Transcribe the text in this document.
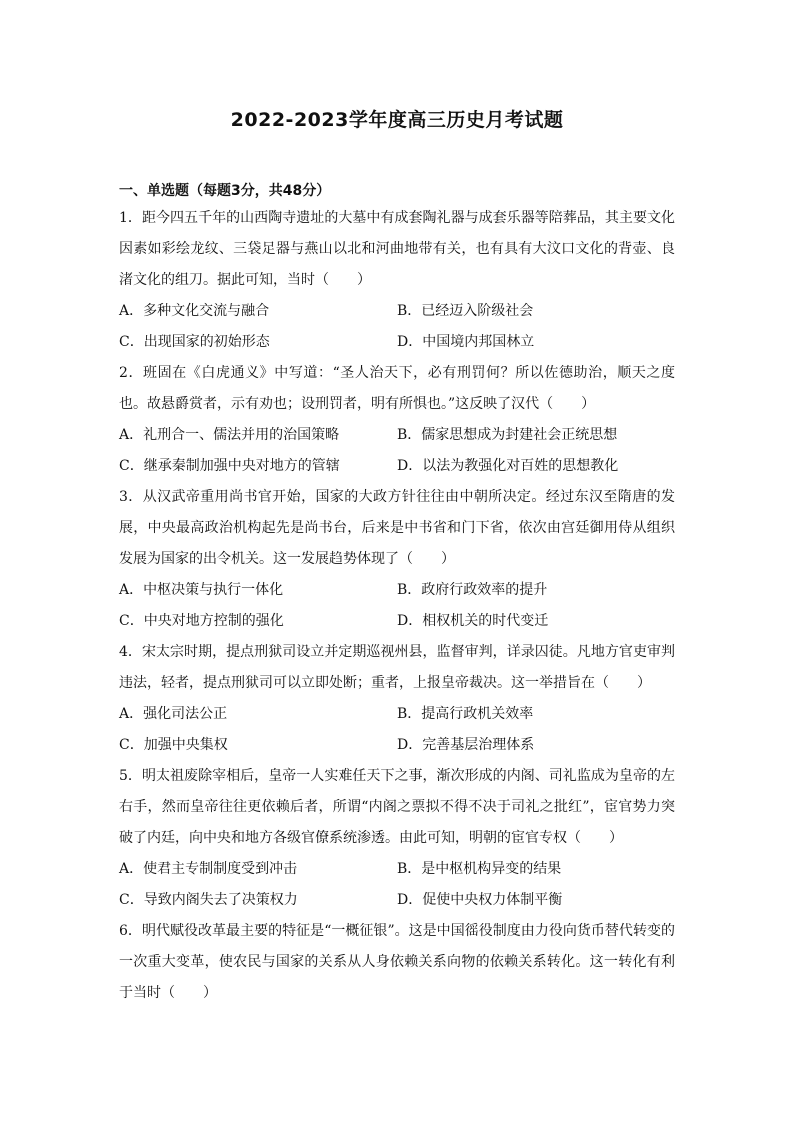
2022-2023学年度高三历史月考试题
一、单选题（每题3分，共48分）
1．距今四五千年的山西陶寺遗址的大墓中有成套陶礼器与成套乐器等陪葬品，其主要文化因素如彩绘龙纹、三袋足器与燕山以北和河曲地带有关，也有具有大汶口文化的背壶、良渚文化的组刀。据此可知，当时（　　）
A．多种文化交流与融合	B．已经迈入阶级社会
C．出现国家的初始形态	D．中国境内邦国林立
2．班固在《白虎通义》中写道：“圣人治天下，必有刑罚何？所以佐德助治，顺天之度也。故悬爵赏者，示有劝也；设刑罚者，明有所惧也。”这反映了汉代（　　）
A．礼刑合一、儒法并用的治国策略	B．儒家思想成为封建社会正统思想
C．继承秦制加强中央对地方的管辖	D．以法为教强化对百姓的思想教化
3．从汉武帝重用尚书官开始，国家的大政方针往往由中朝所决定。经过东汉至隋唐的发展，中央最高政治机构起先是尚书台，后来是中书省和门下省，依次由宫廷御用侍从组织发展为国家的出令机关。这一发展趋势体现了（　　）
A．中枢决策与执行一体化	B．政府行政效率的提升
C．中央对地方控制的强化	D．相权机关的时代变迁
4．宋太宗时期，提点刑狱司设立并定期巡视州县，监督审判，详录囚徒。凡地方官吏审判违法，轻者，提点刑狱司可以立即处断；重者，上报皇帝裁决。这一举措旨在（　　）
A．强化司法公正	B．提高行政机关效率
C．加强中央集权	D．完善基层治理体系
5．明太祖废除宰相后，皇帝一人实难任天下之事，渐次形成的内阁、司礼监成为皇帝的左右手，然而皇帝往往更依赖后者，所谓“内阁之票拟不得不决于司礼之批红”，宦官势力突破了内廷，向中央和地方各级官僚系统渗透。由此可知，明朝的宦官专权（　　）
A．使君主专制制度受到冲击	B．是中枢机构异变的结果
C．导致内阁失去了决策权力	D．促使中央权力体制平衡
6．明代赋役改革最主要的特征是“一概征银”。这是中国徭役制度由力役向货币替代转变的一次重大变革，使农民与国家的关系从人身依赖关系向物的依赖关系转化。这一转化有利于当时（　　）
